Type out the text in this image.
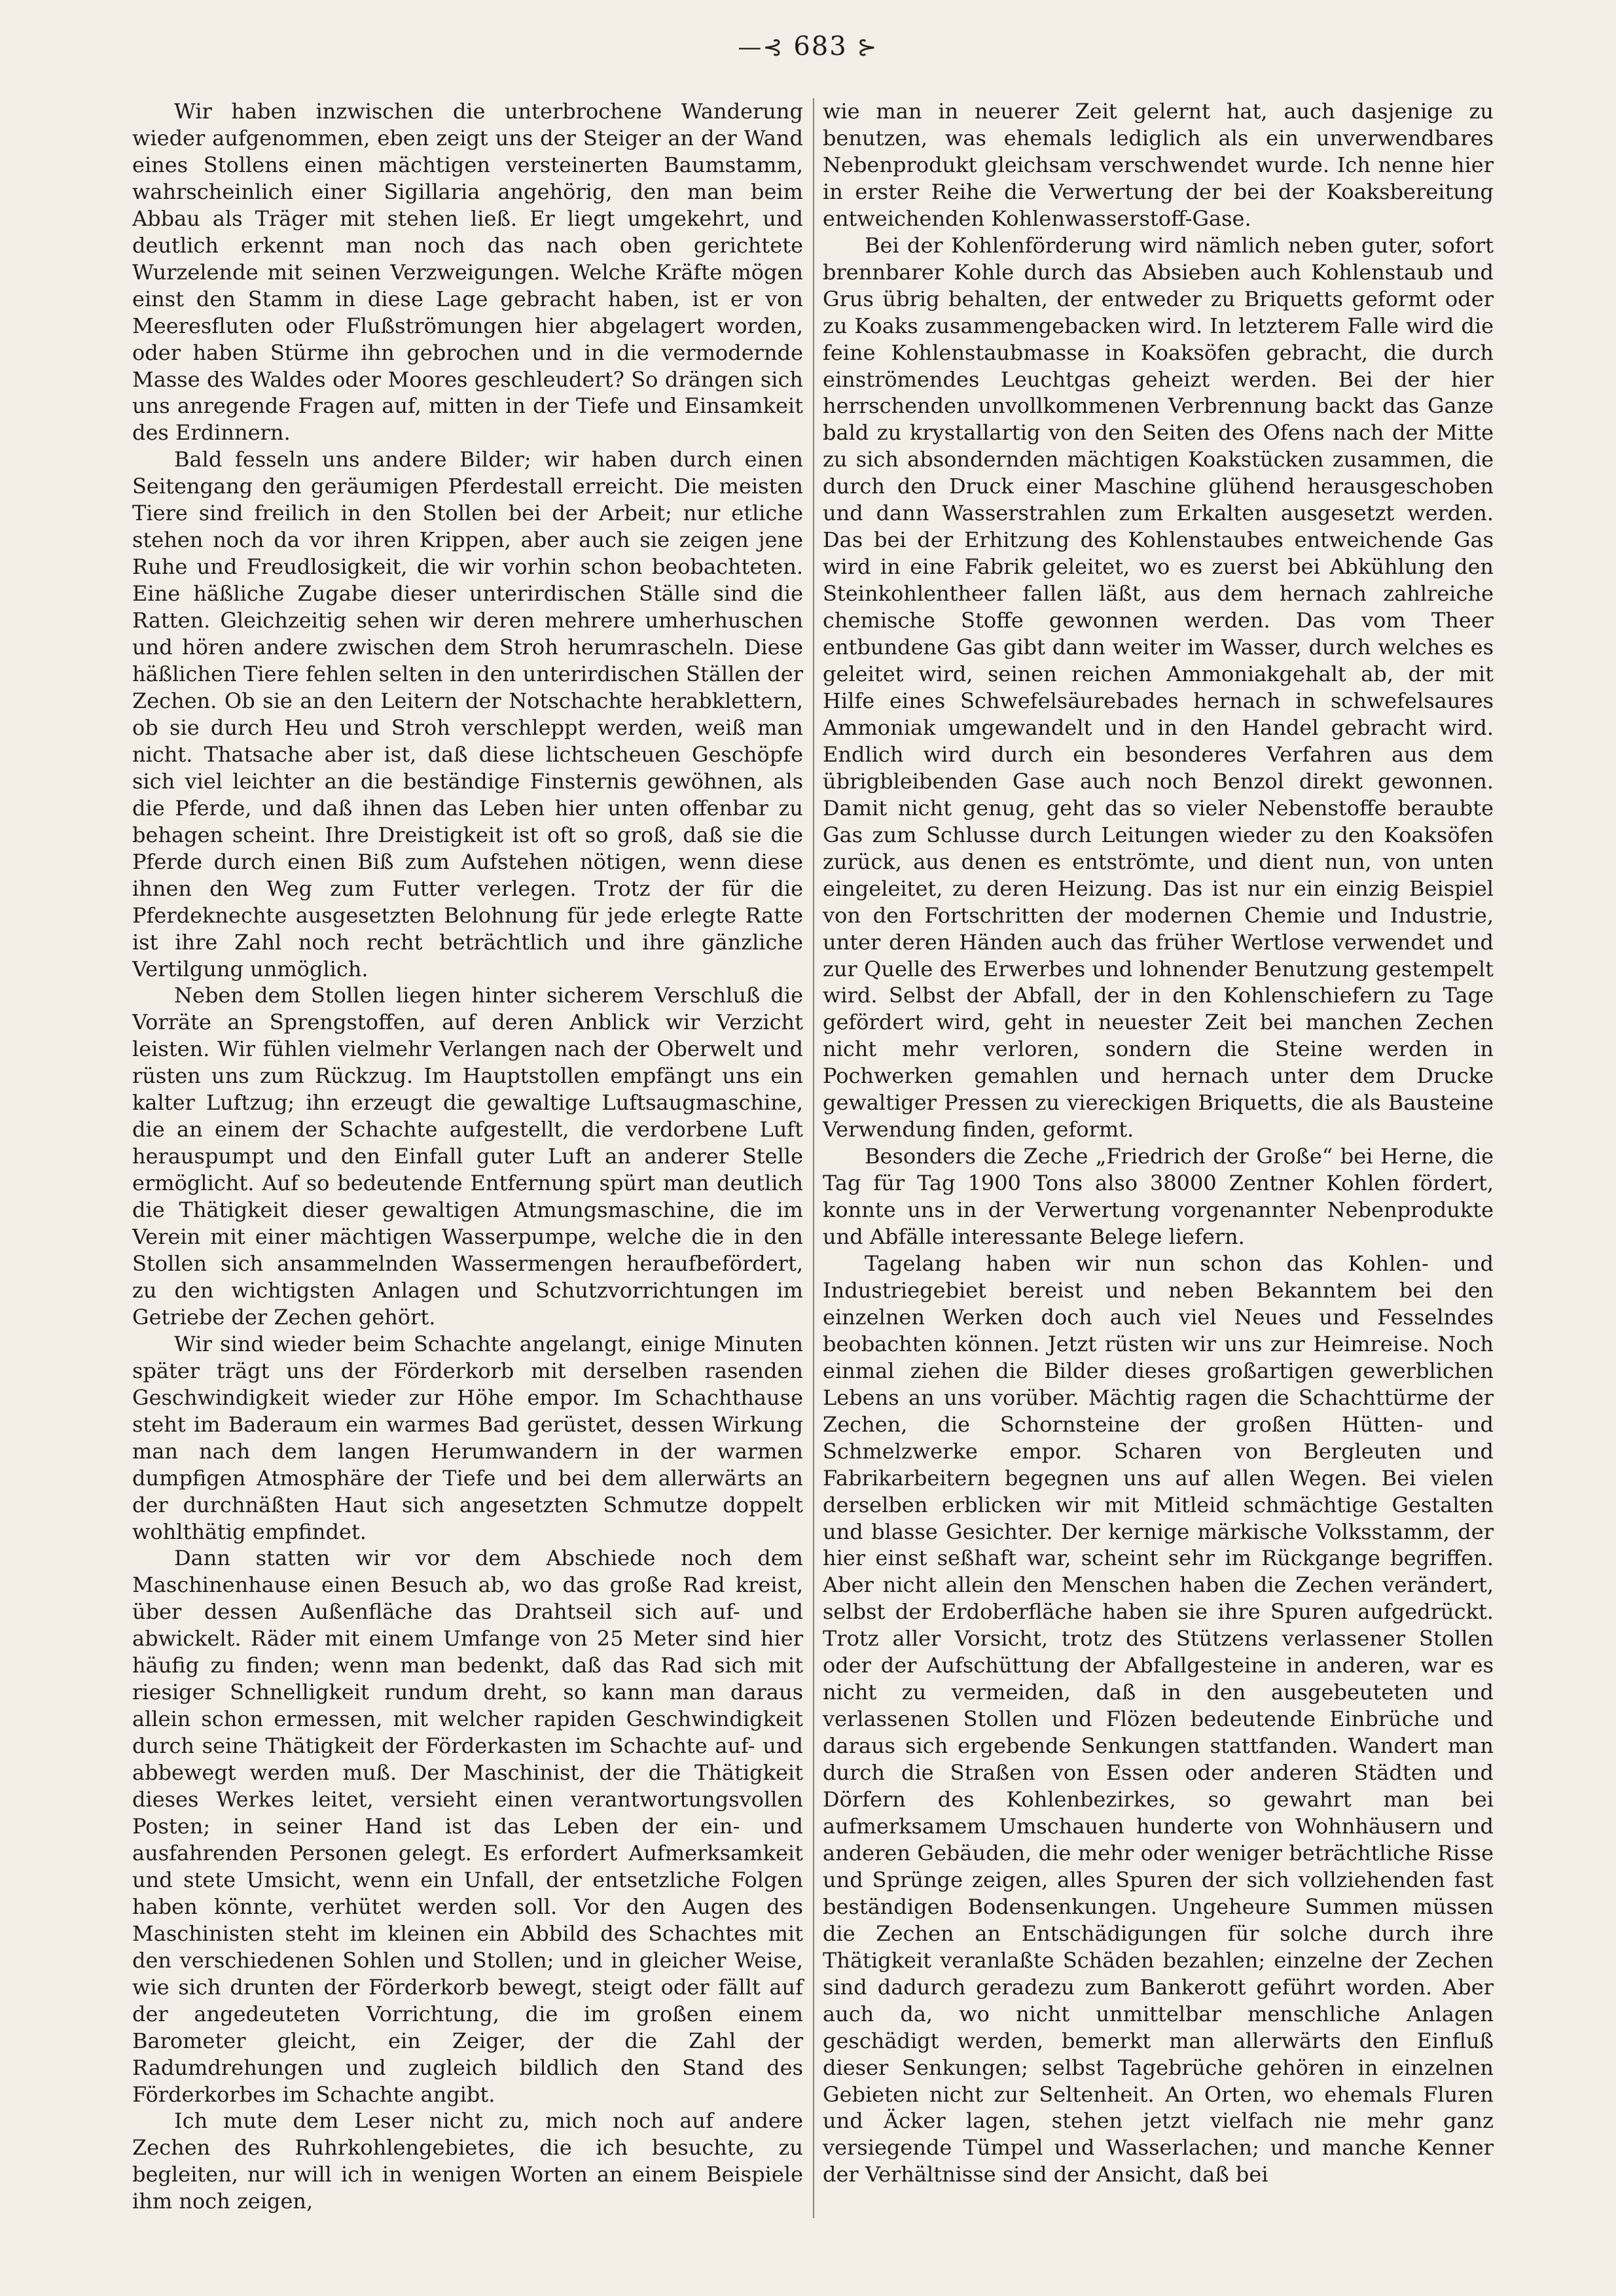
—⊰ 683 ⊱

Wir haben inzwischen die unterbrochene Wanderung wieder aufgenommen, eben zeigt uns der Steiger an der Wand eines Stollens einen mächtigen versteinerten Baumstamm, wahrscheinlich einer Sigillaria angehörig, den man beim Abbau als Träger mit stehen ließ. Er liegt umgekehrt, und deutlich erkennt man noch das nach oben gerichtete Wurzelende mit seinen Verzweigungen. Welche Kräfte mögen einst den Stamm in diese Lage gebracht haben, ist er von Meeresfluten oder Flußströmungen hier abgelagert worden, oder haben Stürme ihn gebrochen und in die vermodernde Masse des Waldes oder Moores geschleudert? So drängen sich uns anregende Fragen auf, mitten in der Tiefe und Einsamkeit des Erdinnern.

Bald fesseln uns andere Bilder; wir haben durch einen Seitengang den geräumigen Pferdestall erreicht. Die meisten Tiere sind freilich in den Stollen bei der Arbeit; nur etliche stehen noch da vor ihren Krippen, aber auch sie zeigen jene Ruhe und Freudlosigkeit, die wir vorhin schon beobachteten. Eine häßliche Zugabe dieser unterirdischen Ställe sind die Ratten. Gleichzeitig sehen wir deren mehrere umherhuschen und hören andere zwischen dem Stroh herumrascheln. Diese häßlichen Tiere fehlen selten in den unterirdischen Ställen der Zechen. Ob sie an den Leitern der Notschachte herabklettern, ob sie durch Heu und Stroh verschleppt werden, weiß man nicht. Thatsache aber ist, daß diese lichtscheuen Geschöpfe sich viel leichter an die beständige Finsternis gewöhnen, als die Pferde, und daß ihnen das Leben hier unten offenbar zu behagen scheint. Ihre Dreistigkeit ist oft so groß, daß sie die Pferde durch einen Biß zum Aufstehen nötigen, wenn diese ihnen den Weg zum Futter verlegen. Trotz der für die Pferdeknechte ausgesetzten Belohnung für jede erlegte Ratte ist ihre Zahl noch recht beträchtlich und ihre gänzliche Vertilgung unmöglich.

Neben dem Stollen liegen hinter sicherem Verschluß die Vorräte an Sprengstoffen, auf deren Anblick wir Verzicht leisten. Wir fühlen vielmehr Verlangen nach der Oberwelt und rüsten uns zum Rückzug. Im Hauptstollen empfängt uns ein kalter Luftzug; ihn erzeugt die gewaltige Luftsaugmaschine, die an einem der Schachte aufgestellt, die verdorbene Luft herauspumpt und den Einfall guter Luft an anderer Stelle ermöglicht. Auf so bedeutende Entfernung spürt man deutlich die Thätigkeit dieser gewaltigen Atmungsmaschine, die im Verein mit einer mächtigen Wasserpumpe, welche die in den Stollen sich ansammelnden Wassermengen heraufbefördert, zu den wichtigsten Anlagen und Schutzvorrichtungen im Getriebe der Zechen gehört.

Wir sind wieder beim Schachte angelangt, einige Minuten später trägt uns der Förderkorb mit derselben rasenden Geschwindigkeit wieder zur Höhe empor. Im Schachthause steht im Baderaum ein warmes Bad gerüstet, dessen Wirkung man nach dem langen Herumwandern in der warmen dumpfigen Atmosphäre der Tiefe und bei dem allerwärts an der durchnäßten Haut sich angesetzten Schmutze doppelt wohlthätig empfindet.

Dann statten wir vor dem Abschiede noch dem Maschinenhause einen Besuch ab, wo das große Rad kreist, über dessen Außenfläche das Drahtseil sich auf- und abwickelt. Räder mit einem Umfange von 25 Meter sind hier häufig zu finden; wenn man bedenkt, daß das Rad sich mit riesiger Schnelligkeit rundum dreht, so kann man daraus allein schon ermessen, mit welcher rapiden Geschwindigkeit durch seine Thätigkeit der Förderkasten im Schachte auf- und abbewegt werden muß. Der Maschinist, der die Thätigkeit dieses Werkes leitet, versieht einen verantwortungsvollen Posten; in seiner Hand ist das Leben der ein- und ausfahrenden Personen gelegt. Es erfordert Aufmerksamkeit und stete Umsicht, wenn ein Unfall, der entsetzliche Folgen haben könnte, verhütet werden soll. Vor den Augen des Maschinisten steht im kleinen ein Abbild des Schachtes mit den verschiedenen Sohlen und Stollen; und in gleicher Weise, wie sich drunten der Förderkorb bewegt, steigt oder fällt auf der angedeuteten Vorrichtung, die im großen einem Barometer gleicht, ein Zeiger, der die Zahl der Radumdrehungen und zugleich bildlich den Stand des Förderkorbes im Schachte angibt.

Ich mute dem Leser nicht zu, mich noch auf andere Zechen des Ruhrkohlengebietes, die ich besuchte, zu begleiten, nur will ich in wenigen Worten an einem Beispiele ihm noch zeigen,

wie man in neuerer Zeit gelernt hat, auch dasjenige zu benutzen, was ehemals lediglich als ein unverwendbares Nebenprodukt gleichsam verschwendet wurde. Ich nenne hier in erster Reihe die Verwertung der bei der Koaksbereitung entweichenden Kohlenwasserstoff-Gase.

Bei der Kohlenförderung wird nämlich neben guter, sofort brennbarer Kohle durch das Absieben auch Kohlenstaub und Grus übrig behalten, der entweder zu Briquetts geformt oder zu Koaks zusammengebacken wird. In letzterem Falle wird die feine Kohlenstaubmasse in Koaksöfen gebracht, die durch einströmendes Leuchtgas geheizt werden. Bei der hier herrschenden unvollkommenen Verbrennung backt das Ganze bald zu krystallartig von den Seiten des Ofens nach der Mitte zu sich absondernden mächtigen Koakstücken zusammen, die durch den Druck einer Maschine glühend herausgeschoben und dann Wasserstrahlen zum Erkalten ausgesetzt werden. Das bei der Erhitzung des Kohlenstaubes entweichende Gas wird in eine Fabrik geleitet, wo es zuerst bei Abkühlung den Steinkohlentheer fallen läßt, aus dem hernach zahlreiche chemische Stoffe gewonnen werden. Das vom Theer entbundene Gas gibt dann weiter im Wasser, durch welches es geleitet wird, seinen reichen Ammoniakgehalt ab, der mit Hilfe eines Schwefelsäurebades hernach in schwefelsaures Ammoniak umgewandelt und in den Handel gebracht wird. Endlich wird durch ein besonderes Verfahren aus dem übrigbleibenden Gase auch noch Benzol direkt gewonnen. Damit nicht genug, geht das so vieler Nebenstoffe beraubte Gas zum Schlusse durch Leitungen wieder zu den Koaksöfen zurück, aus denen es entströmte, und dient nun, von unten eingeleitet, zu deren Heizung. Das ist nur ein einzig Beispiel von den Fortschritten der modernen Chemie und Industrie, unter deren Händen auch das früher Wertlose verwendet und zur Quelle des Erwerbes und lohnender Benutzung gestempelt wird. Selbst der Abfall, der in den Kohlenschiefern zu Tage gefördert wird, geht in neuester Zeit bei manchen Zechen nicht mehr verloren, sondern die Steine werden in Pochwerken gemahlen und hernach unter dem Drucke gewaltiger Pressen zu viereckigen Briquetts, die als Bausteine Verwendung finden, geformt.

Besonders die Zeche „Friedrich der Große“ bei Herne, die Tag für Tag 1900 Tons also 38000 Zentner Kohlen fördert, konnte uns in der Verwertung vorgenannter Nebenprodukte und Abfälle interessante Belege liefern.

Tagelang haben wir nun schon das Kohlen- und Industriegebiet bereist und neben Bekanntem bei den einzelnen Werken doch auch viel Neues und Fesselndes beobachten können. Jetzt rüsten wir uns zur Heimreise. Noch einmal ziehen die Bilder dieses großartigen gewerblichen Lebens an uns vorüber. Mächtig ragen die Schachttürme der Zechen, die Schornsteine der großen Hütten- und Schmelzwerke empor. Scharen von Bergleuten und Fabrikarbeitern begegnen uns auf allen Wegen. Bei vielen derselben erblicken wir mit Mitleid schmächtige Gestalten und blasse Gesichter. Der kernige märkische Volksstamm, der hier einst seßhaft war, scheint sehr im Rückgange begriffen. Aber nicht allein den Menschen haben die Zechen verändert, selbst der Erdoberfläche haben sie ihre Spuren aufgedrückt. Trotz aller Vorsicht, trotz des Stützens verlassener Stollen oder der Aufschüttung der Abfallgesteine in anderen, war es nicht zu vermeiden, daß in den ausgebeuteten und verlassenen Stollen und Flözen bedeutende Einbrüche und daraus sich ergebende Senkungen stattfanden. Wandert man durch die Straßen von Essen oder anderen Städten und Dörfern des Kohlenbezirkes, so gewahrt man bei aufmerksamem Umschauen hunderte von Wohnhäusern und anderen Gebäuden, die mehr oder weniger beträchtliche Risse und Sprünge zeigen, alles Spuren der sich vollziehenden fast beständigen Bodensenkungen. Ungeheure Summen müssen die Zechen an Entschädigungen für solche durch ihre Thätigkeit veranlaßte Schäden bezahlen; einzelne der Zechen sind dadurch geradezu zum Bankerott geführt worden. Aber auch da, wo nicht unmittelbar menschliche Anlagen geschädigt werden, bemerkt man allerwärts den Einfluß dieser Senkungen; selbst Tagebrüche gehören in einzelnen Gebieten nicht zur Seltenheit. An Orten, wo ehemals Fluren und Äcker lagen, stehen jetzt vielfach nie mehr ganz versiegende Tümpel und Wasserlachen; und manche Kenner der Verhältnisse sind der Ansicht, daß bei
